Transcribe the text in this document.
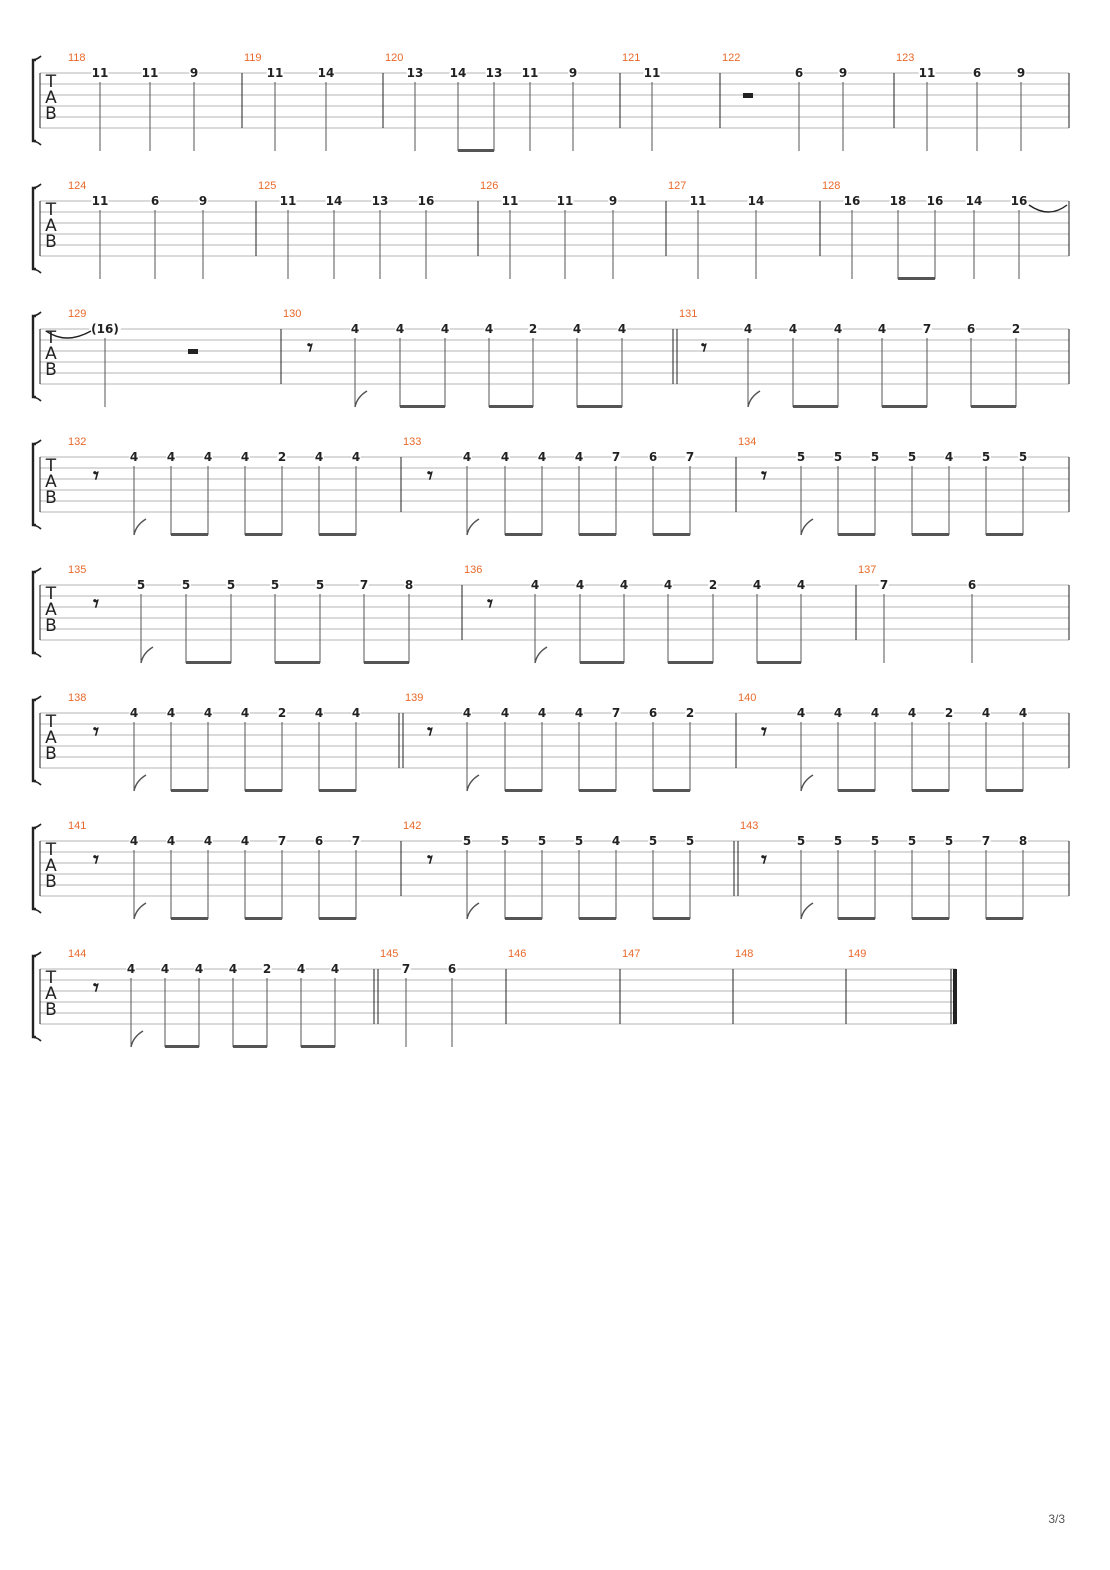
T
A
B
118
11	11	9
119
11	14
120
13 14 13 11	9
121
11
122
6	9
123
11	6	9
T
A
B
124
11	6	9
125
11 14 13 16
126
11	11	9
127
11	14
128
16 18 16 14 16
T
A
B
129
(16)
130
𝄾
4	4	4	4	2	4	4
131
𝄾
4	4	4	4	7	6	2
T
A
B
132
𝄾
4 4 4 4 2 4 4
133
𝄾
4 4 4 4 7 6 7
134
𝄾
5 5 5 5 4 5 5
T
A
B
135
𝄾
5	5	5	5	5	7	8
136
𝄾
4	4	4	4	2	4	4
137
7	6
T
A
B
138
𝄾
4 4 4 4 2 4 4
139
𝄾
4 4 4 4 7 6 2
140
𝄾
4 4 4 4 2 4 4
T
A
B
141
𝄾
4 4 4 4 7 6 7
142
𝄾
5 5 5 5 4 5 5
143
𝄾
5 5 5 5 5 7 8
T
A
B
144
𝄾
4 4 4 4 2 4 4
145
7	6
146	147	148	149
3/3
